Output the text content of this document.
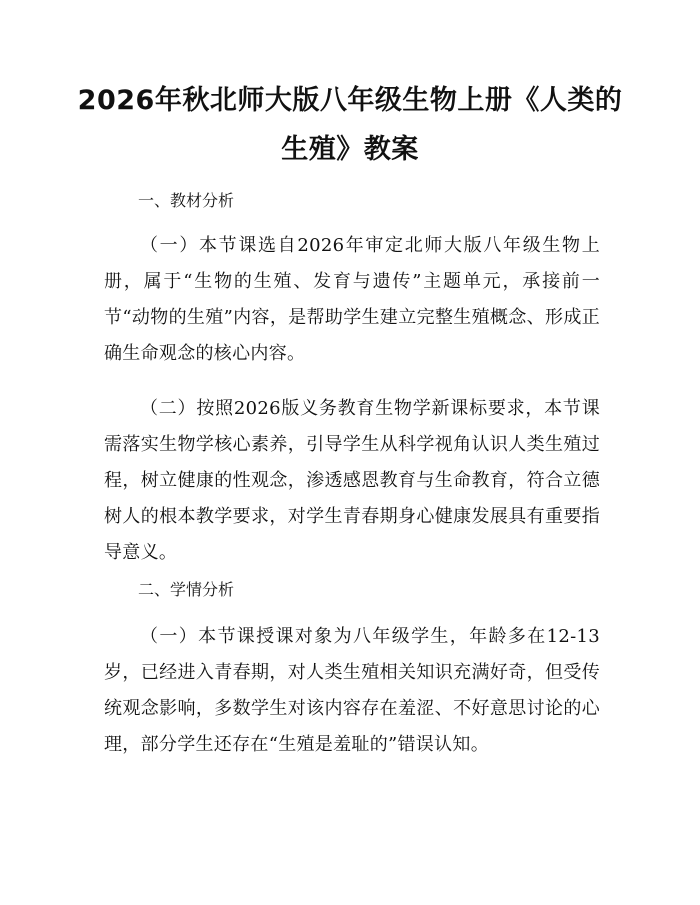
2026年秋北师大版八年级生物上册《人类的
生殖》教案
一、教材分析
（一）本节课选自2026年审定北师大版八年级生物上册，属于“生物的生殖、发育与遗传”主题单元，承接前一节“动物的生殖”内容，是帮助学生建立完整生殖概念、形成正确生命观念的核心内容。
（二）按照2026版义务教育生物学新课标要求，本节课需落实生物学核心素养，引导学生从科学视角认识人类生殖过程，树立健康的性观念，渗透感恩教育与生命教育，符合立德树人的根本教学要求，对学生青春期身心健康发展具有重要指导意义。
二、学情分析
（一）本节课授课对象为八年级学生，年龄多在12-13岁，已经进入青春期，对人类生殖相关知识充满好奇，但受传统观念影响，多数学生对该内容存在羞涩、不好意思讨论的心理，部分学生还存在“生殖是羞耻的”错误认知。
